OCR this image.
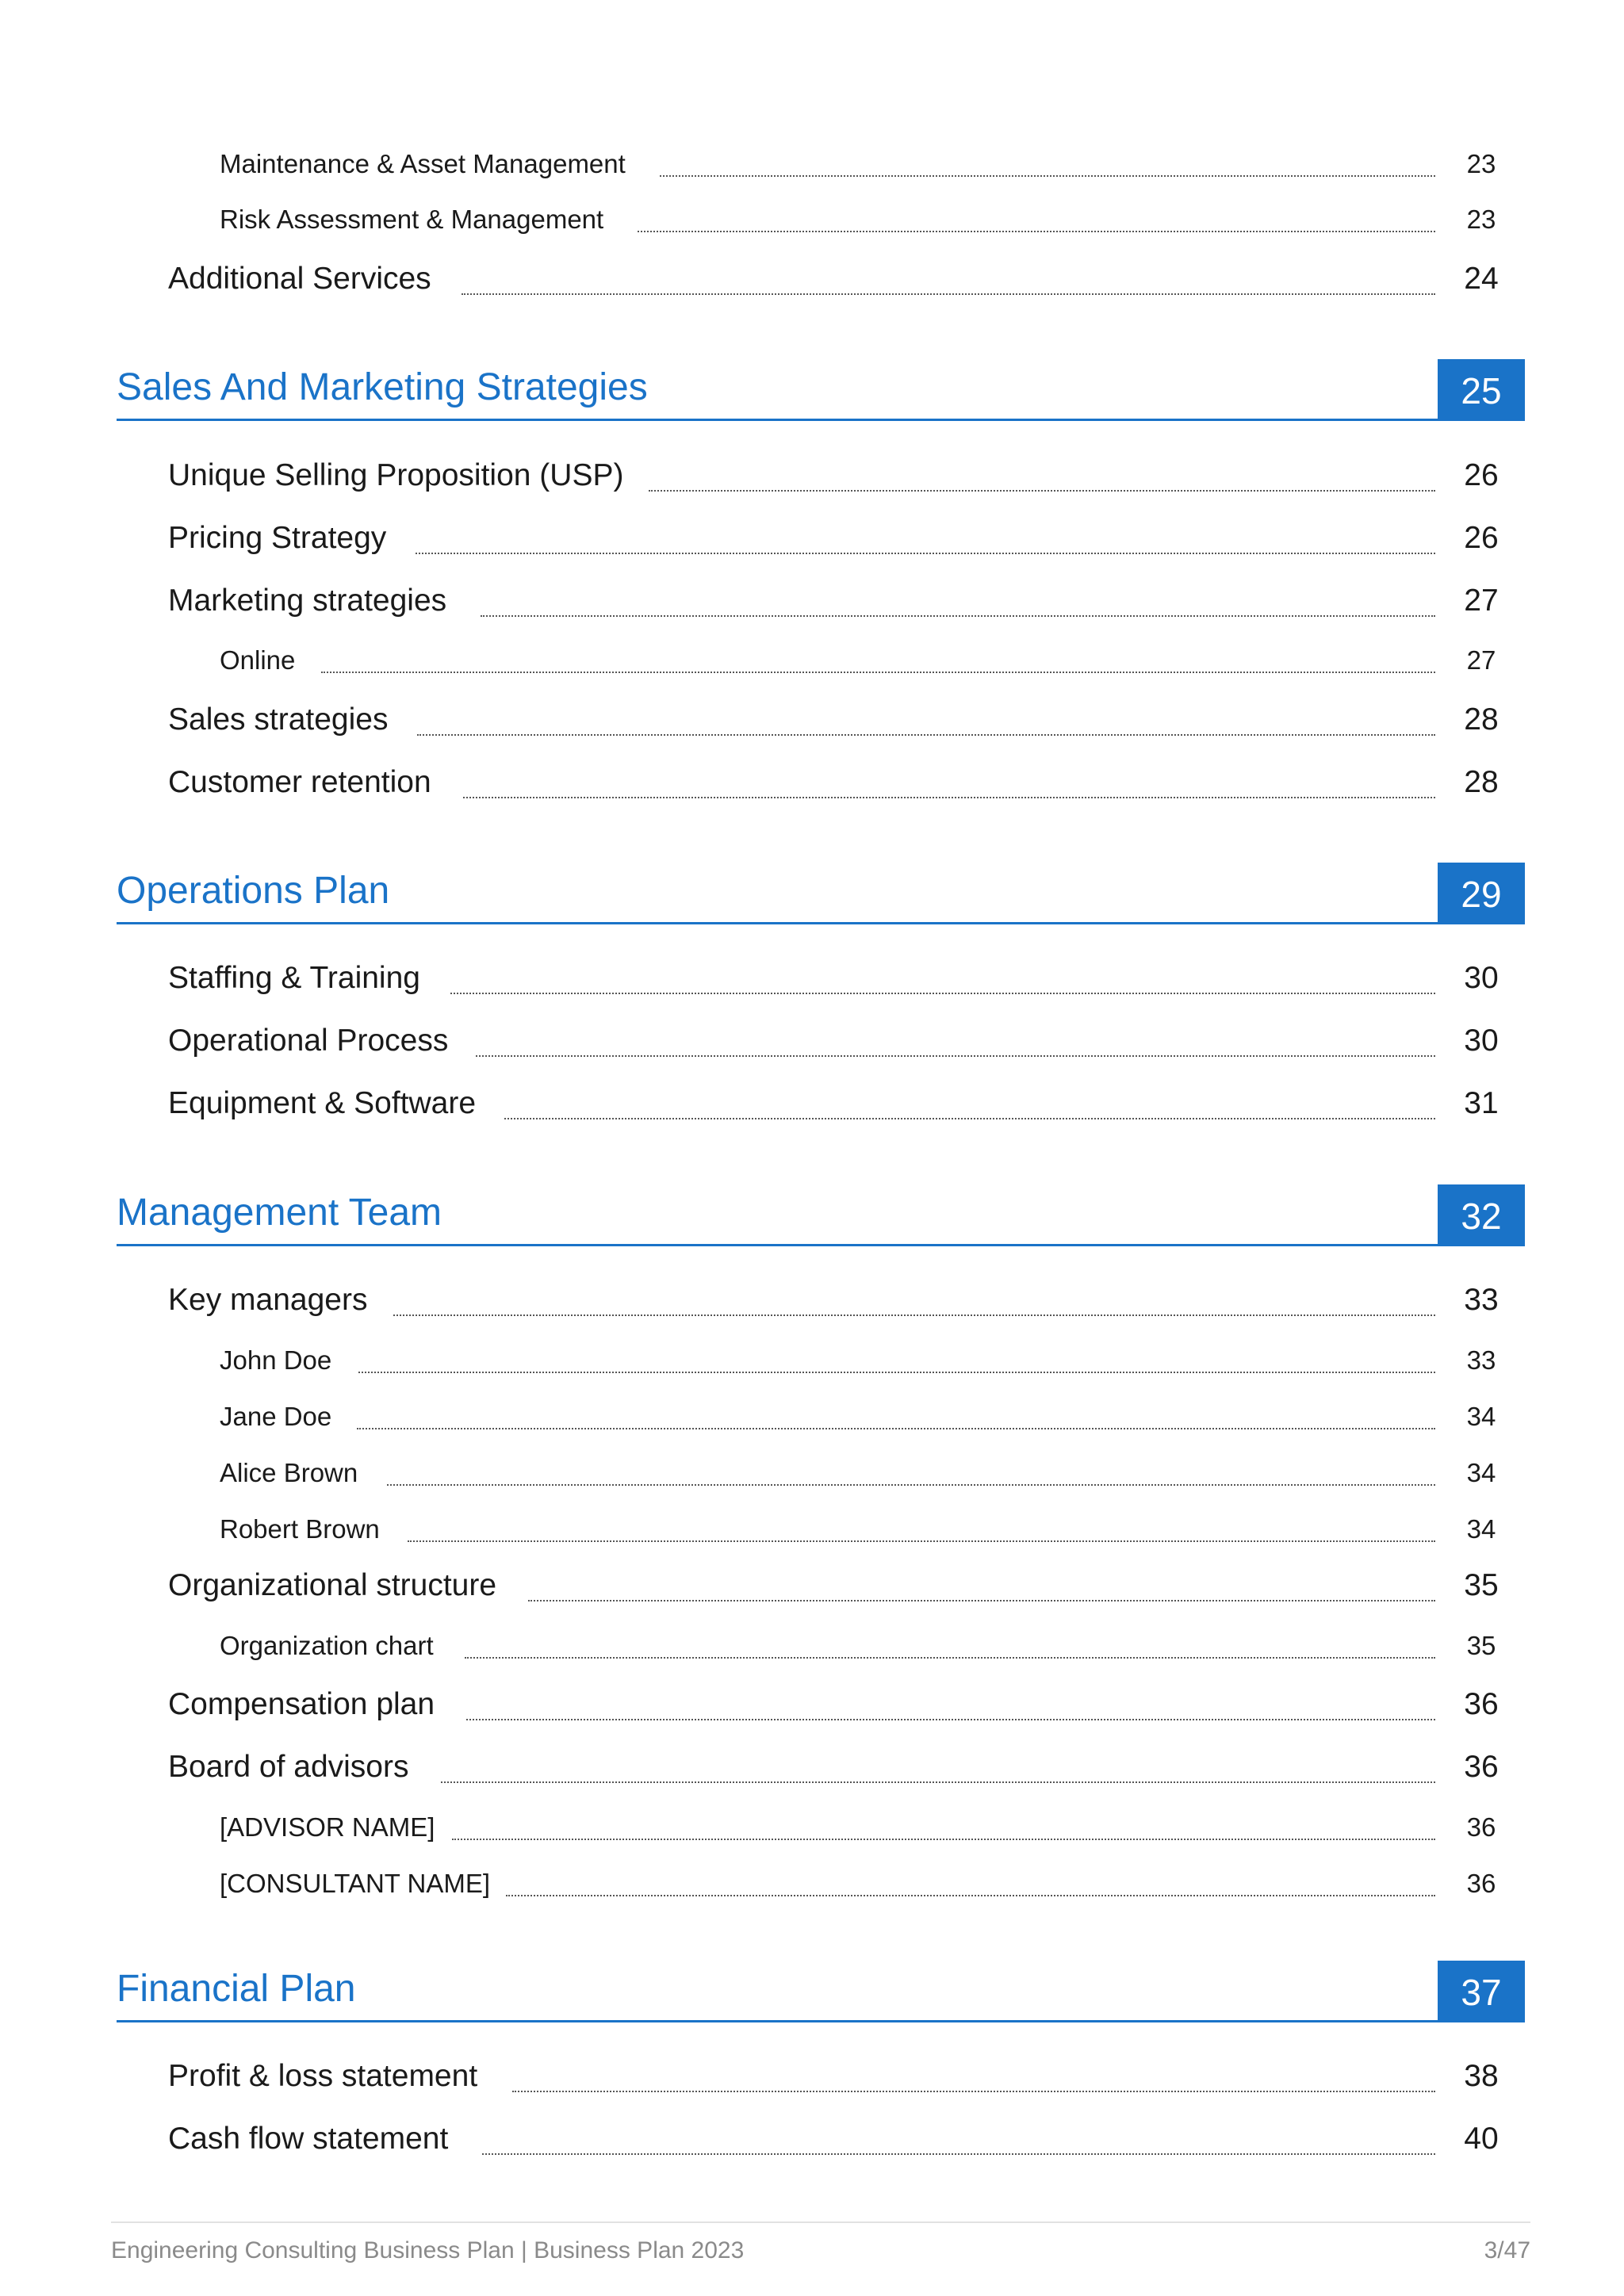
Maintenance & Asset Management	23
Risk Assessment & Management	23
Additional Services	24
Sales And Marketing Strategies	25
Unique Selling Proposition (USP)	26
Pricing Strategy	26
Marketing strategies	27
Online	27
Sales strategies	28
Customer retention	28
Operations Plan	29
Staffing & Training	30
Operational Process	30
Equipment & Software	31
Management Team	32
Key managers	33
John Doe	33
Jane Doe	34
Alice Brown	34
Robert Brown	34
Organizational structure	35
Organization chart	35
Compensation plan	36
Board of advisors	36
[ADVISOR NAME]	36
[CONSULTANT NAME]	36
Financial Plan	37
Profit & loss statement	38
Cash flow statement	40
Engineering Consulting Business Plan | Business Plan 2023	3/47
